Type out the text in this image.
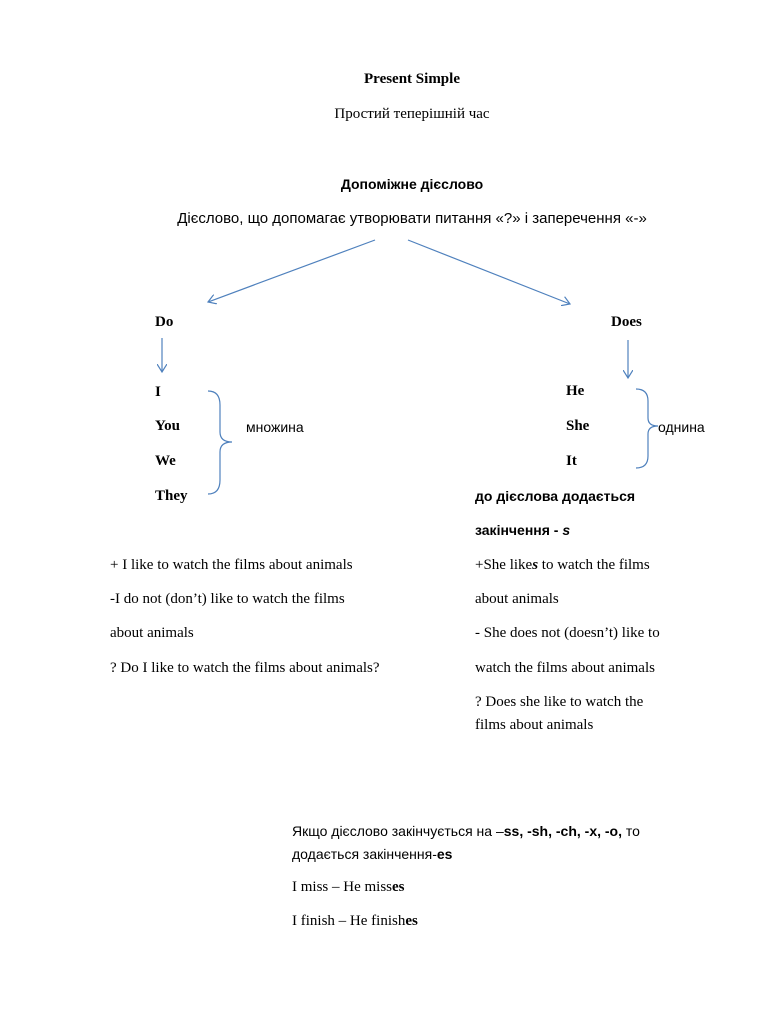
Present Simple
Простий теперішній час
Допоміжне дієслово
Дієслово, що допомагає утворювати питання «?» і заперечення «-»
Do
I
You
We
They
множина
Does
He
She
It
однина
до дієслова додається
закінчення - s
+ I like to watch the films about animals
-I do not (don’t) like to watch the films
about animals
? Do I like to watch the films about animals?
+She likes to watch the films
about animals
- She does not (doesn’t) like to
watch the films about animals
? Does she like to watch the
films about animals
Якщо дієслово закінчується на –ss, -sh, -ch, -x, -o, то
додається закінчення-es
I miss – He misses
I finish – He finishes
